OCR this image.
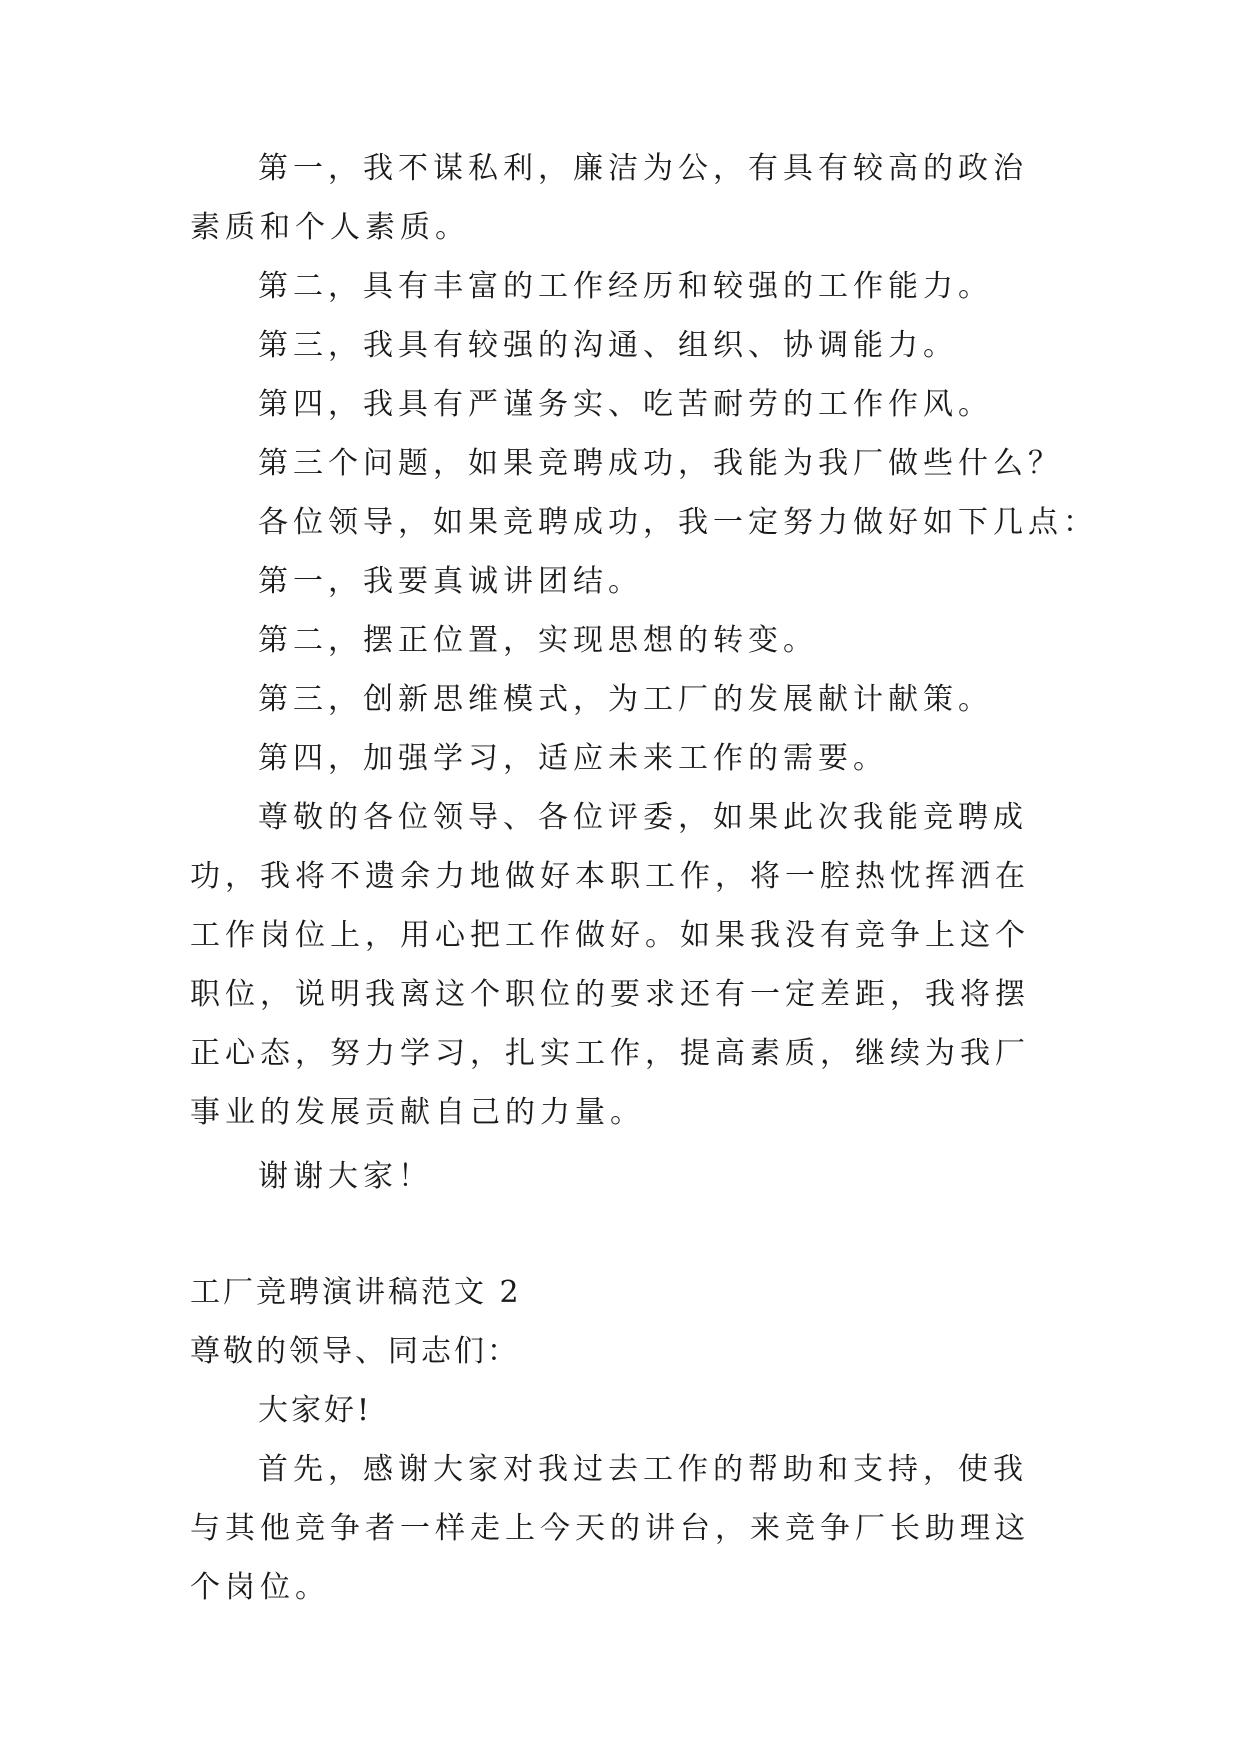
第一，我不谋私利，廉洁为公，有具有较高的政治素质和个人素质。
第二，具有丰富的工作经历和较强的工作能力。
第三，我具有较强的沟通、组织、协调能力。
第四，我具有严谨务实、吃苦耐劳的工作作风。
第三个问题，如果竞聘成功，我能为我厂做些什么？
各位领导，如果竞聘成功，我一定努力做好如下几点：
第一，我要真诚讲团结。
第二，摆正位置，实现思想的转变。
第三，创新思维模式，为工厂的发展献计献策。
第四，加强学习，适应未来工作的需要。
尊敬的各位领导、各位评委，如果此次我能竞聘成功，我将不遗余力地做好本职工作，将一腔热忱挥洒在工作岗位上，用心把工作做好。如果我没有竞争上这个职位，说明我离这个职位的要求还有一定差距，我将摆正心态，努力学习，扎实工作，提高素质，继续为我厂事业的发展贡献自己的力量。
谢谢大家！
工厂竞聘演讲稿范文 2
尊敬的领导、同志们：
大家好!
首先，感谢大家对我过去工作的帮助和支持，使我与其他竞争者一样走上今天的讲台，来竞争厂长助理这个岗位。
